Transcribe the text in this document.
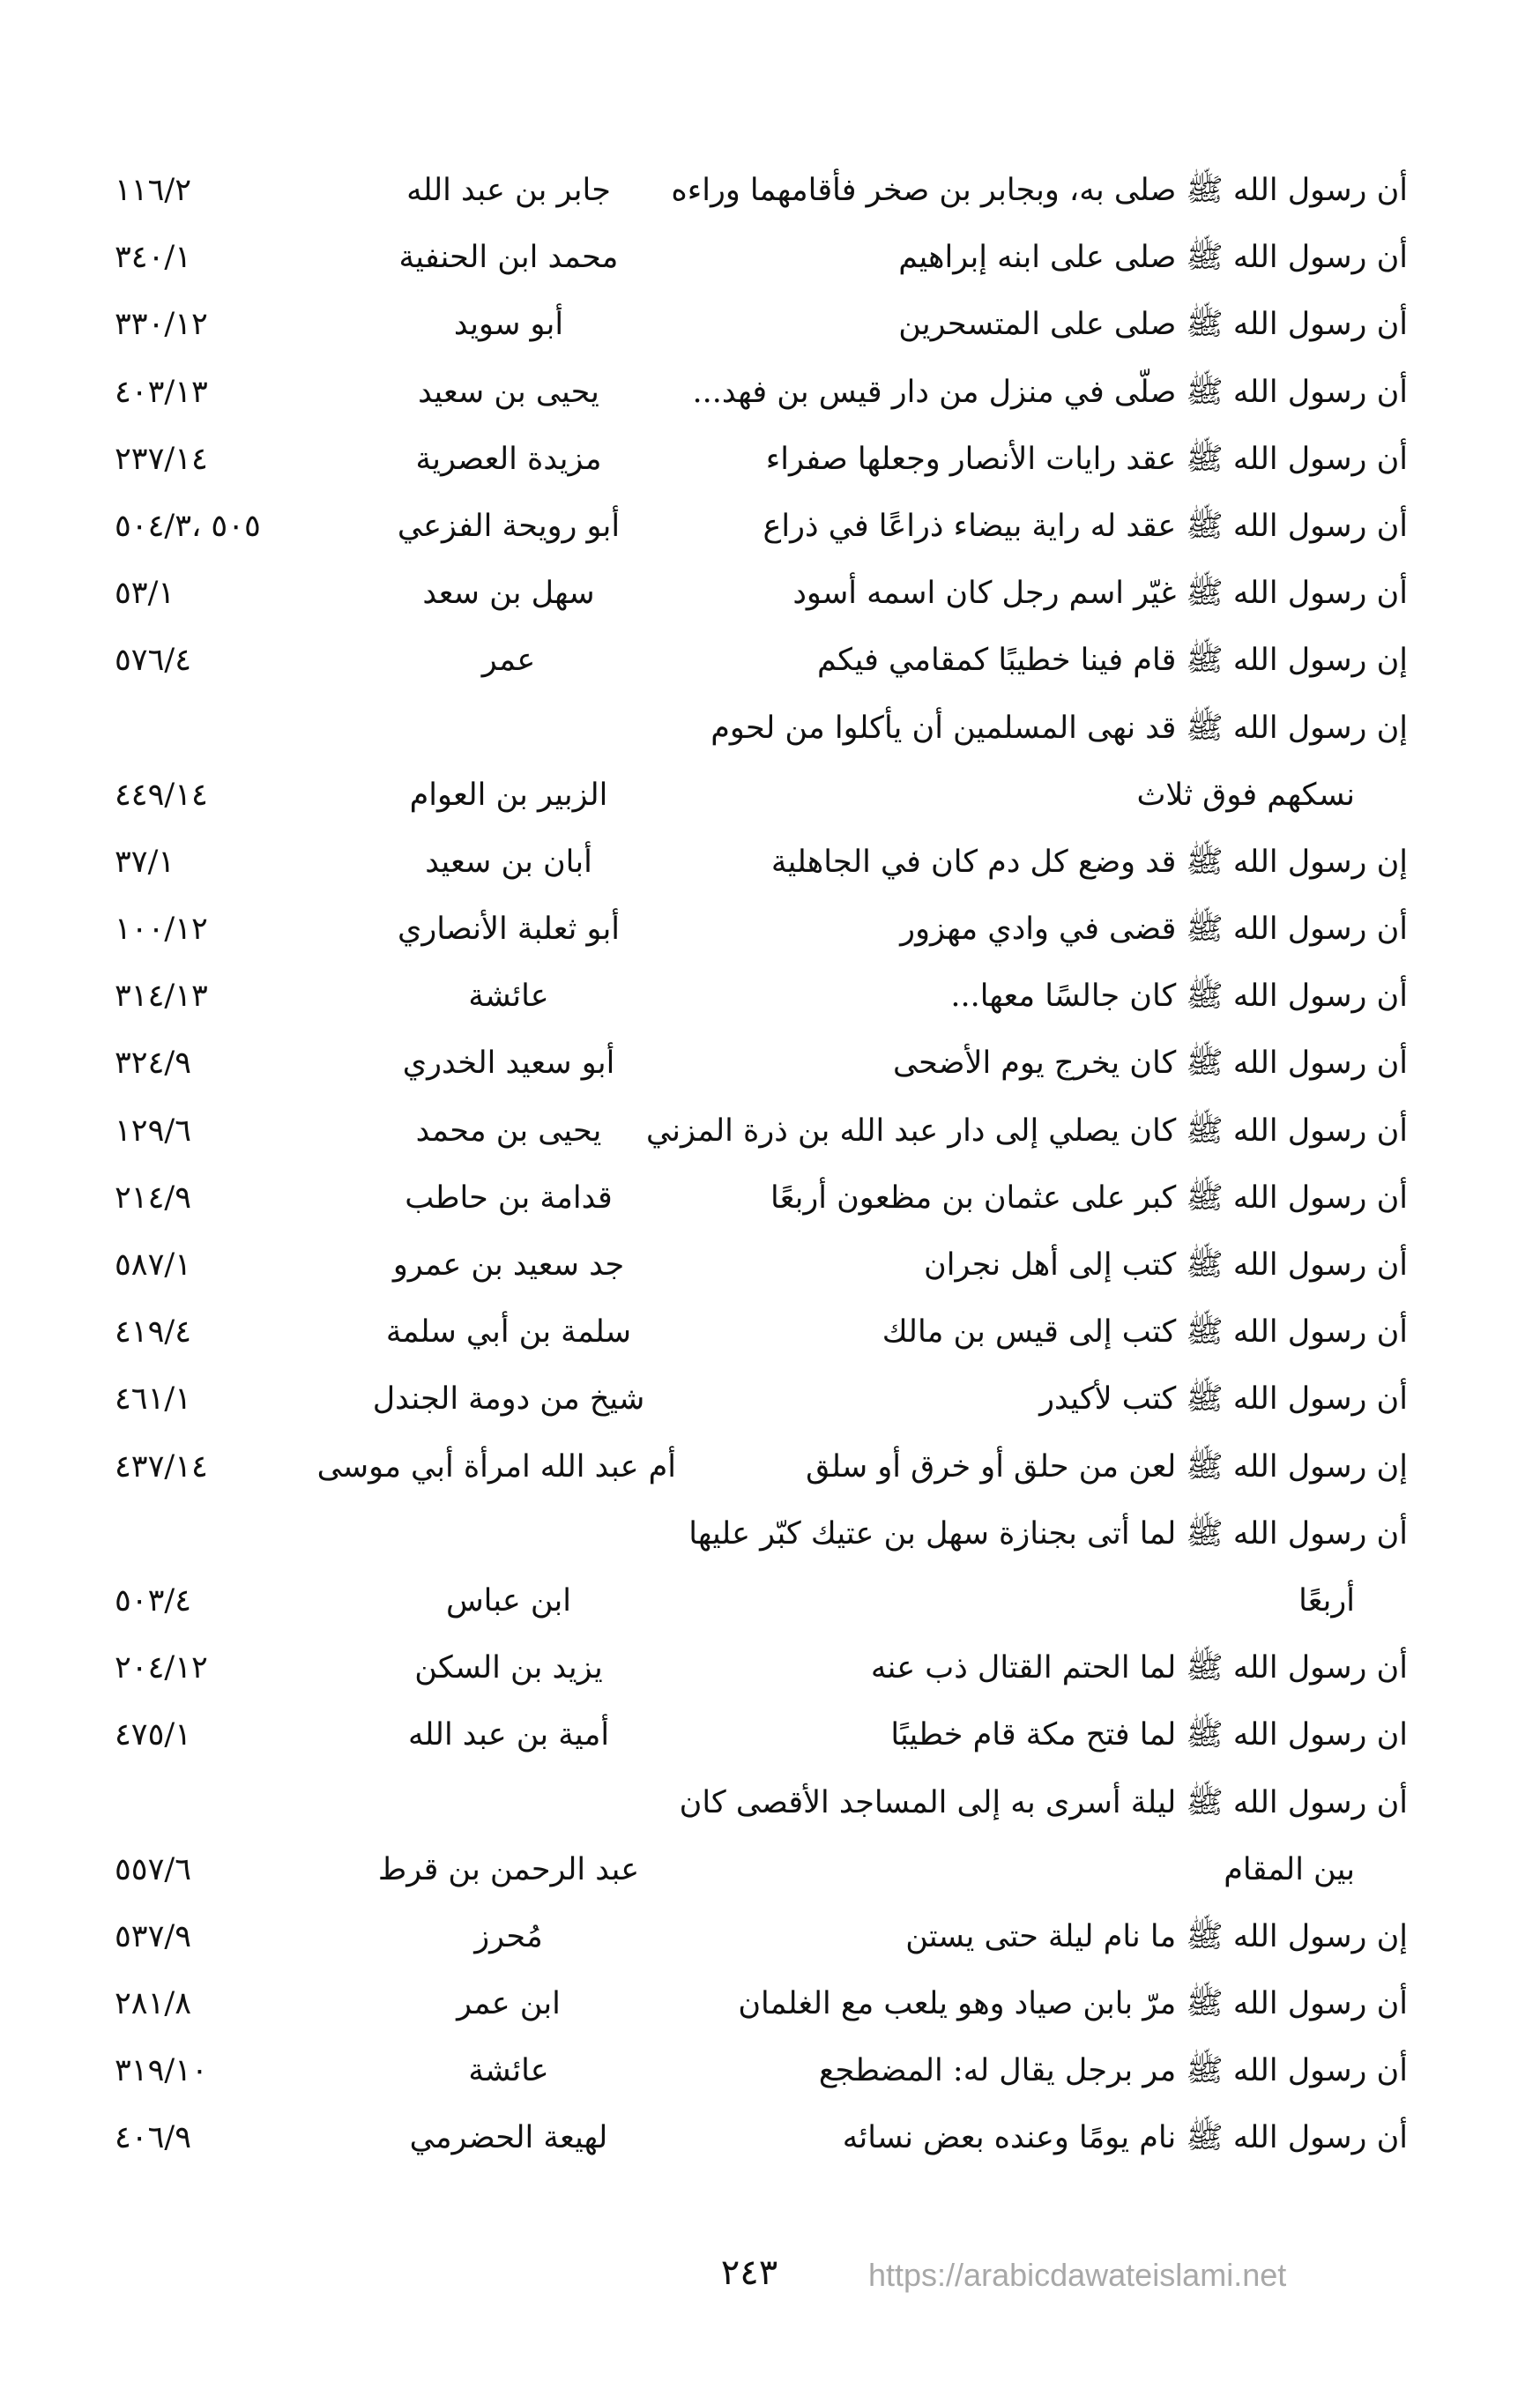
أن رسول الله ﷺ صلى به، وبجابر بن صخر فأقامهما وراءه
جابر بن عبد الله
١١٦/٢
أن رسول الله ﷺ صلى على ابنه إبراهيم
محمد ابن الحنفية
٣٤٠/١
أن رسول الله ﷺ صلى على المتسحرين
أبو سويد
٣٣٠/١٢
أن رسول الله ﷺ صلّى في منزل من دار قيس بن فهد...
يحيى بن سعيد
٤٠٣/١٣
أن رسول الله ﷺ عقد رايات الأنصار وجعلها صفراء
مزيدة العصرية
٢٣٧/١٤
أن رسول الله ﷺ عقد له راية بيضاء ذراعًا في ذراع
أبو رويحة الفزعي
٥٠٥ ،٥٠٤/٣
أن رسول الله ﷺ غيّر اسم رجل كان اسمه أسود
سهل بن سعد
٥٣/١
إن رسول الله ﷺ قام فينا خطيبًا كمقامي فيكم
عمر
٥٧٦/٤
إن رسول الله ﷺ قد نهى المسلمين أن يأكلوا من لحوم
نسكهم فوق ثلاث
الزبير بن العوام
٤٤٩/١٤
إن رسول الله ﷺ قد وضع كل دم كان في الجاهلية
أبان بن سعيد
٣٧/١
أن رسول الله ﷺ قضى في وادي مهزور
أبو ثعلبة الأنصاري
١٠٠/١٢
أن رسول الله ﷺ كان جالسًا معها...
عائشة
٣١٤/١٣
أن رسول الله ﷺ كان يخرج يوم الأضحى
أبو سعيد الخدري
٣٢٤/٩
أن رسول الله ﷺ كان يصلي إلى دار عبد الله بن ذرة المزني
يحيى بن محمد
١٢٩/٦
أن رسول الله ﷺ كبر على عثمان بن مظعون أربعًا
قدامة بن حاطب
٢١٤/٩
أن رسول الله ﷺ كتب إلى أهل نجران
جد سعيد بن عمرو
٥٨٧/١
أن رسول الله ﷺ كتب إلى قيس بن مالك
سلمة بن أبي سلمة
٤١٩/٤
أن رسول الله ﷺ كتب لأكيدر
شيخ من دومة الجندل
٤٦١/١
إن رسول الله ﷺ لعن من حلق أو خرق أو سلق
أم عبد الله امرأة أبي موسى
٤٣٧/١٤
أن رسول الله ﷺ لما أتى بجنازة سهل بن عتيك كبّر عليها
أربعًا
ابن عباس
٥٠٣/٤
أن رسول الله ﷺ لما الحتم القتال ذب عنه
يزيد بن السكن
٢٠٤/١٢
ان رسول الله ﷺ لما فتح مكة قام خطيبًا
أمية بن عبد الله
٤٧٥/١
أن رسول الله ﷺ ليلة أسرى به إلى المساجد الأقصى كان
بين المقام
عبد الرحمن بن قرط
٥٥٧/٦
إن رسول الله ﷺ ما نام ليلة حتى يستن
مُحرز
٥٣٧/٩
أن رسول الله ﷺ مرّ بابن صياد وهو يلعب مع الغلمان
ابن عمر
٢٨١/٨
أن رسول الله ﷺ مر برجل يقال له: المضطجع
عائشة
٣١٩/١٠
أن رسول الله ﷺ نام يومًا وعنده بعض نسائه
لهيعة الحضرمي
٤٠٦/٩
٢٤٣	https://arabicdawateislami.net
